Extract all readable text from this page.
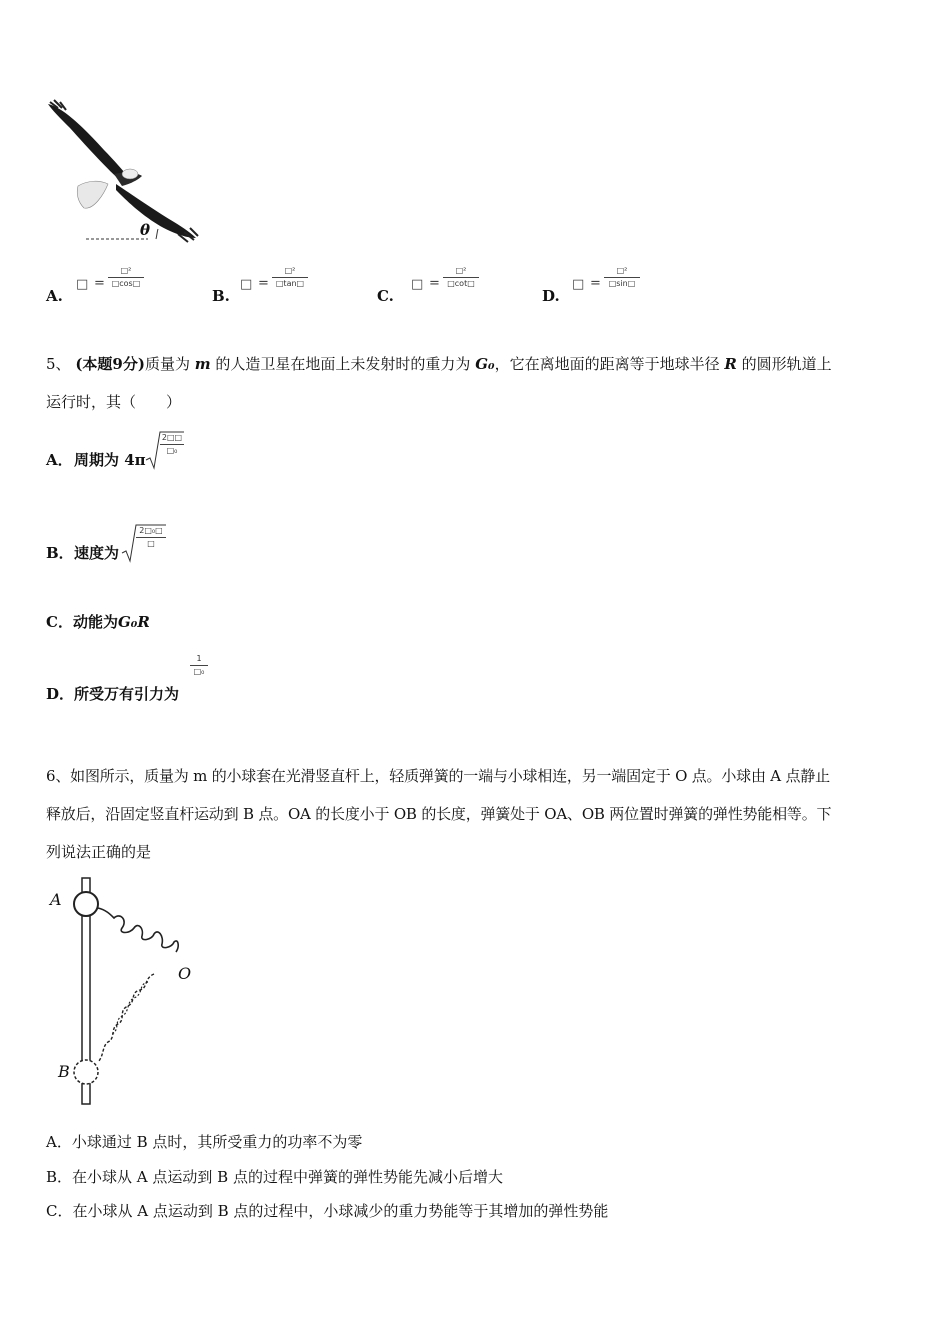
θ
A.
□ =
□²
□cos□
B.
□ =
□²
□tan□
C.
□ =
□²
□cot□
D.
□ =
□²
□sin□
5、 (本题9分)质量为 m 的人造卫星在地面上未发射时的重力为 G₀，它在离地面的距离等于地球半径 R 的圆形轨道上
运行时，其（　　）
A． 周期为 4π
2□□
□₀
B． 速度为
2□₀□
□
C．动能为G₀R
D． 所受万有引力为
1
□₀
6、如图所示，质量为 m 的小球套在光滑竖直杆上，轻质弹簧的一端与小球相连，另一端固定于 O 点。小球由 A 点静止
释放后，沿固定竖直杆运动到 B 点。OA 的长度小于 OB 的长度，弹簧处于 OA、OB 两位置时弹簧的弹性势能相等。下
列说法正确的是
A
O
B
A．小球通过 B 点时，其所受重力的功率不为零
B．在小球从 A 点运动到 B 点的过程中弹簧的弹性势能先减小后增大
C．在小球从 A 点运动到 B 点的过程中，小球减少的重力势能等于其增加的弹性势能
